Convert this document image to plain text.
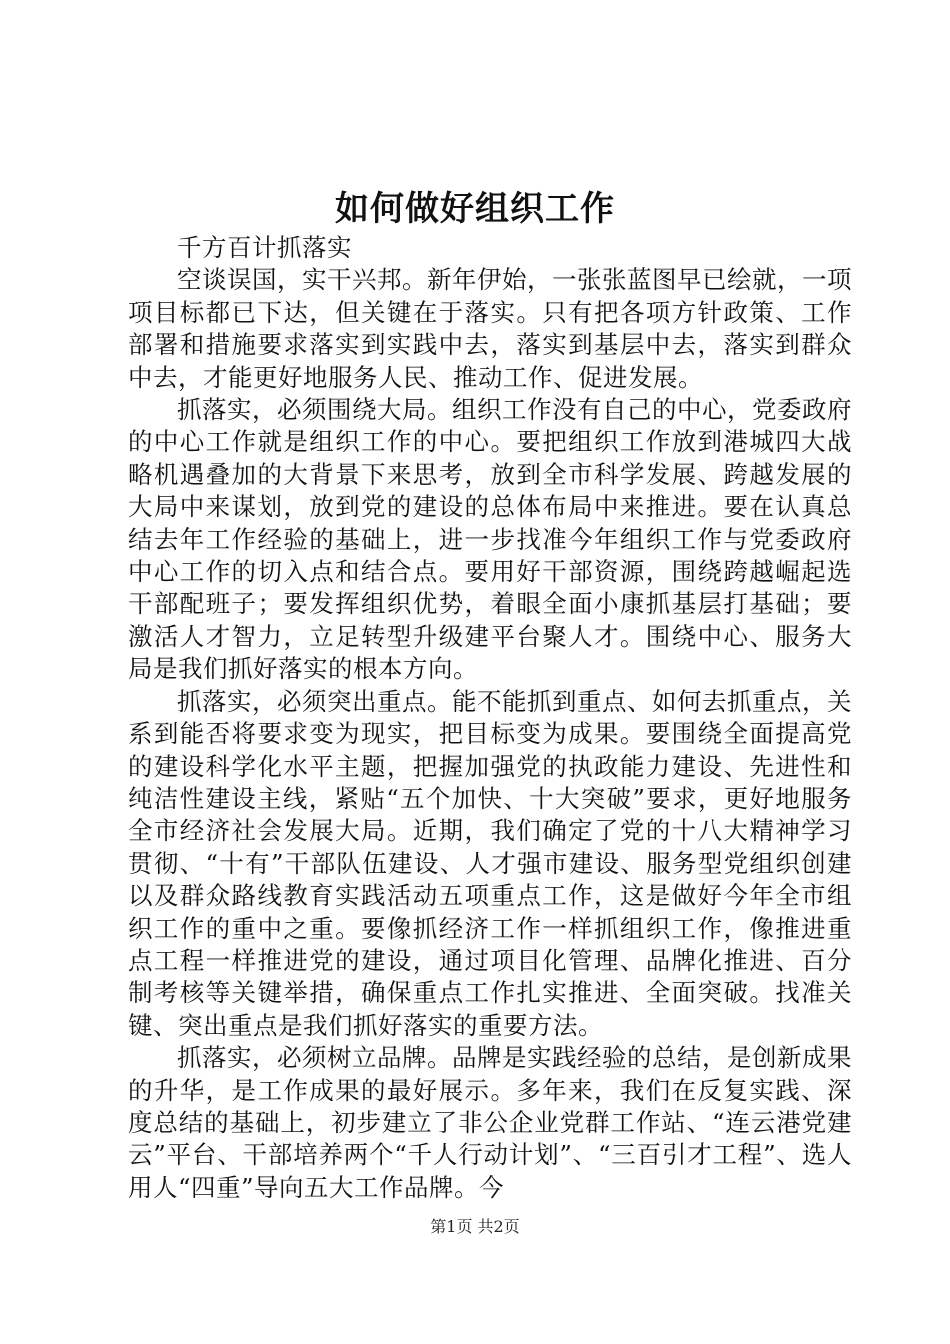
如何做好组织工作

千方百计抓落实

空谈误国，实干兴邦。新年伊始，一张张蓝图早已绘就，一项项目标都已下达，但关键在于落实。只有把各项方针政策、工作部署和措施要求落实到实践中去，落实到基层中去，落实到群众中去，才能更好地服务人民、推动工作、促进发展。

抓落实，必须围绕大局。组织工作没有自己的中心，党委政府的中心工作就是组织工作的中心。要把组织工作放到港城四大战略机遇叠加的大背景下来思考，放到全市科学发展、跨越发展的大局中来谋划，放到党的建设的总体布局中来推进。要在认真总结去年工作经验的基础上，进一步找准今年组织工作与党委政府中心工作的切入点和结合点。要用好干部资源，围绕跨越崛起选干部配班子；要发挥组织优势，着眼全面小康抓基层打基础；要激活人才智力，立足转型升级建平台聚人才。围绕中心、服务大局是我们抓好落实的根本方向。

抓落实，必须突出重点。能不能抓到重点、如何去抓重点，关系到能否将要求变为现实，把目标变为成果。要围绕全面提高党的建设科学化水平主题，把握加强党的执政能力建设、先进性和纯洁性建设主线，紧贴“五个加快、十大突破”要求，更好地服务全市经济社会发展大局。近期，我们确定了党的十八大精神学习贯彻、“十有”干部队伍建设、人才强市建设、服务型党组织创建以及群众路线教育实践活动五项重点工作，这是做好今年全市组织工作的重中之重。要像抓经济工作一样抓组织工作，像推进重点工程一样推进党的建设，通过项目化管理、品牌化推进、百分制考核等关键举措，确保重点工作扎实推进、全面突破。找准关键、突出重点是我们抓好落实的重要方法。

抓落实，必须树立品牌。品牌是实践经验的总结，是创新成果的升华，是工作成果的最好展示。多年来，我们在反复实践、深度总结的基础上，初步建立了非公企业党群工作站、“连云港党建云”平台、干部培养两个“千人行动计划”、“三百引才工程”、选人用人“四重”导向五大工作品牌。今

第1页 共2页
